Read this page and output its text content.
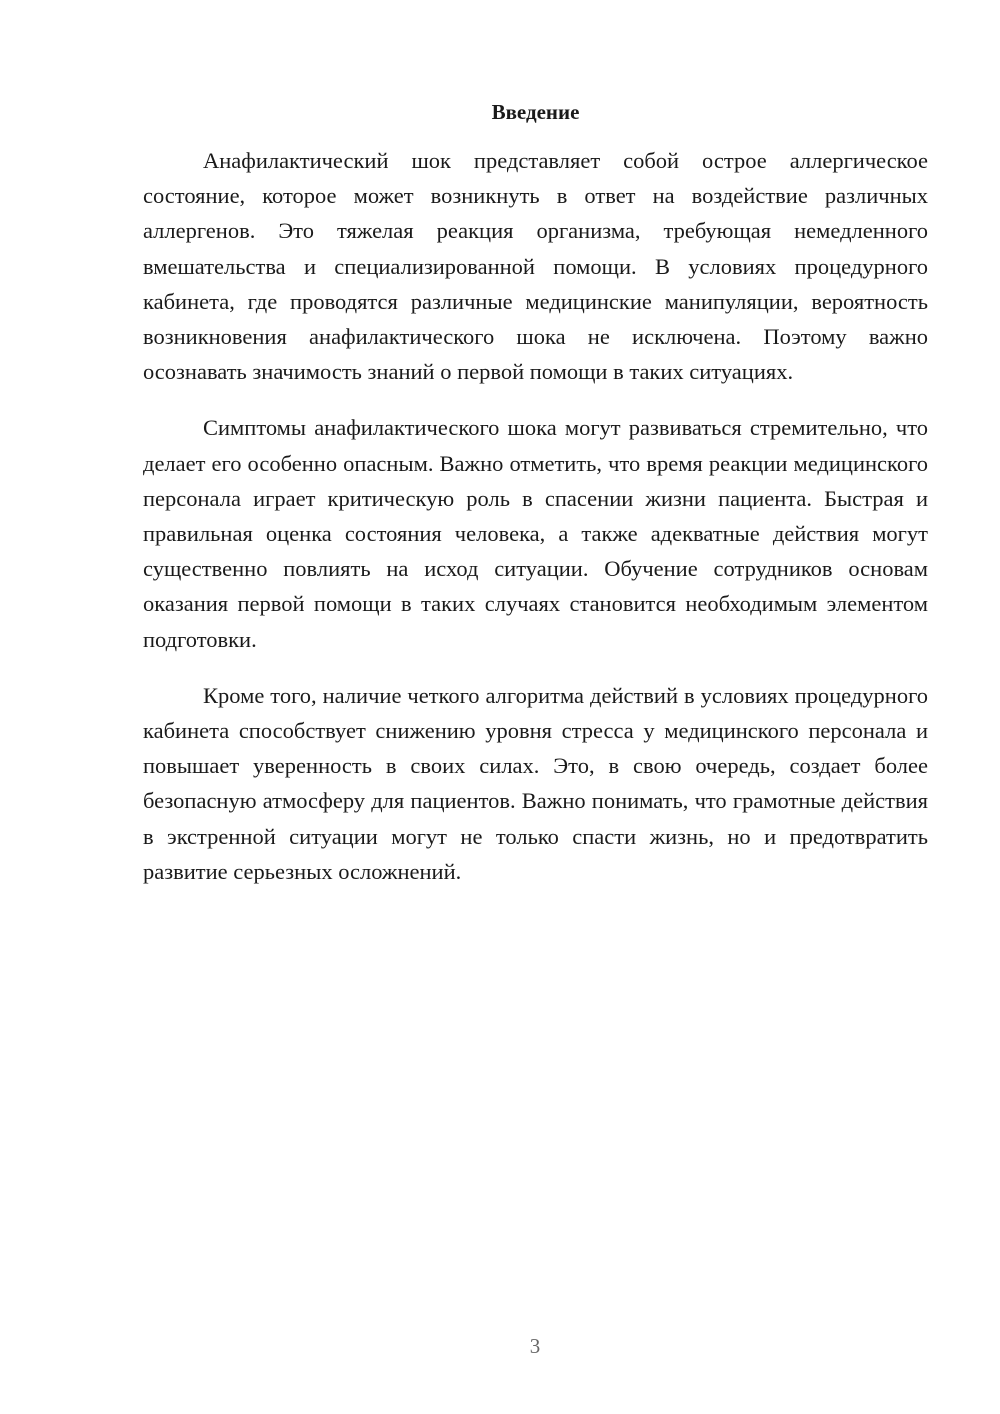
Введение

Анафилактический шок представляет собой острое аллергическое состояние, которое может возникнуть в ответ на воздействие различных аллергенов. Это тяжелая реакция организма, требующая немедленного вмешательства и специализированной помощи. В условиях процедурного кабинета, где проводятся различные медицинские манипуляции, вероятность возникновения анафилактического шока не исключена. Поэтому важно осознавать значимость знаний о первой помощи в таких ситуациях.

Симптомы анафилактического шока могут развиваться стремительно, что делает его особенно опасным. Важно отметить, что время реакции медицинского персонала играет критическую роль в спасении жизни пациента. Быстрая и правильная оценка состояния человека, а также адекватные действия могут существенно повлиять на исход ситуации. Обучение сотрудников основам оказания первой помощи в таких случаях становится необходимым элементом подготовки.

Кроме того, наличие четкого алгоритма действий в условиях процедурного кабинета способствует снижению уровня стресса у медицинского персонала и повышает уверенность в своих силах. Это, в свою очередь, создает более безопасную атмосферу для пациентов. Важно понимать, что грамотные действия в экстренной ситуации могут не только спасти жизнь, но и предотвратить развитие серьезных осложнений.

3
